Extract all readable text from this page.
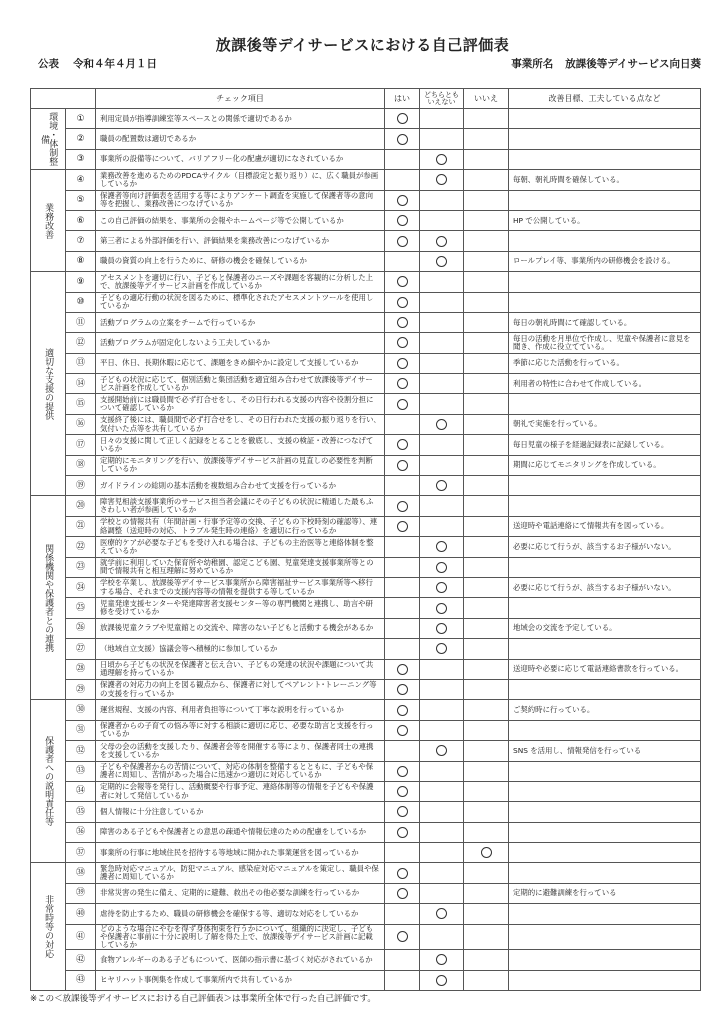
放課後等デイサービスにおける自己評価表
公表 令和４年４月１日	事業所名 放課後等デイサービス向日葵
		チェック項目	はい	どちらとも いえない	いいえ	改善目標、工夫している点など
環境・体制整備	①	利用定員が指導訓練室等スペースとの関係で適切であるか				
	②	職員の配置数は適切であるか				
	③	事業所の設備等について、バリアフリー化の配慮が適切になされているか				
業務改善	④	業務改善を進めるためのPDCAサイクル（目標設定と振り返り）に、広く職員が参画しているか				毎朝、朝礼時間を確保している。
	⑤	保護者等向け評価表を活用する等によりアンケート調査を実施して保護者等の意向等を把握し、業務改善につなげているか				
	⑥	この自己評価の結果を、事業所の会報やホームページ等で公開しているか				HP で公開している。
	⑦	第三者による外部評価を行い、評価結果を業務改善につなげているか				
	⑧	職員の資質の向上を行うために、研修の機会を確保しているか				ロールプレイ等、事業所内の研修機会を設ける。
適切な支援の提供	⑨	アセスメントを適切に行い、子どもと保護者のニーズや課題を客観的に分析した上で、放課後等デイサービス計画を作成しているか				
	⑩	子どもの適応行動の状況を図るために、標準化されたアセスメントツールを使用しているか				
	⑪	活動プログラムの立案をチームで行っているか				毎日の朝礼時間にて確認している。
	⑫	活動プログラムが固定化しないよう工夫しているか				毎日の活動を月単位で作成し、児童や保護者に意見を聞き、作成に役立てている。
	⑬	平日、休日、長期休暇に応じて、課題をきめ細やかに設定して支援しているか				季節に応じた活動を行っている。
	⑭	子どもの状況に応じて、個別活動と集団活動を適宜組み合わせて放課後等デイサービス計画を作成しているか				利用者の特性に合わせて作成している。
	⑮	支援開始前には職員間で必ず打合せをし、その日行われる支援の内容や役割分担について確認しているか				
	⑯	支援終了後には、職員間で必ず打合せをし、その日行われた支援の振り返りを行い､気付いた点等を共有しているか				朝礼で実施を行っている。
	⑰	日々の支援に関して正しく記録をとることを徹底し、支援の検証・改善につなげているか				毎日児童の様子を経過記録表に記録している。
	⑱	定期的にモニタリングを行い、放課後等デイサービス計画の見直しの必要性を判断しているか				期間に応じてモニタリングを作成している。
	⑲	ガイドラインの総則の基本活動を複数組み合わせて支援を行っているか				
関係機関や保護者との連携	⑳	障害児相談支援事業所のサービス担当者会議にその子どもの状況に精通した最もふさわしい者が参画しているか				
	㉑	学校との情報共有（年間計画・行事予定等の交換、子どもの下校時刻の確認等）、連絡調整（送迎時の対応、トラブル発生時の連絡）を適切に行っているか				送迎時や電話連絡にて情報共有を図っている。
	㉒	医療的ケアが必要な子どもを受け入れる場合は、子どもの主治医等と連絡体制を整えているか				必要に応じて行うが、該当するお子様がいない。
	㉓	就学前に利用していた保育所や幼稚園、認定こども園、児童発達支援事業所等との間で情報共有と相互理解に努めているか				
	㉔	学校を卒業し、放課後等デイサービス事業所から障害福祉サービス事業所等へ移行する場合、それまでの支援内容等の情報を提供する等しているか				必要に応じて行うが、該当するお子様がいない。
	㉕	児童発達支援センターや発達障害者支援センター等の専門機関と連携し、助言や研修を受けているか				
	㉖	放課後児童クラブや児童館との交流や、障害のない子どもと活動する機会があるか				地域会の交流を予定している。
	㉗	（地域自立支援）協議会等へ積極的に参加しているか				
	㉘	日頃から子どもの状況を保護者と伝え合い、子どもの発達の状況や課題について共通理解を持っているか				送迎時や必要に応じて電話連絡書款を行っている。
	㉙	保護者の対応力の向上を図る観点から、保護者に対してペアレント･トレーニング等の支援を行っているか				
保護者への説明責任等	㉚	運営規程、支援の内容、利用者負担等について丁寧な説明を行っているか				ご契約時に行っている。
	㉛	保護者からの子育ての悩み等に対する相談に適切に応じ、必要な助言と支援を行っているか				
	㉜	父母の会の活動を支援したり、保護者会等を開催する等により、保護者同士の連携を支援しているか				SNS を活用し、情報発信を行っている
	㉝	子どもや保護者からの苦情について、対応の体制を整備するとともに、子どもや保護者に周知し、苦情があった場合に迅速かつ適切に対応しているか				
	㉞	定期的に会報等を発行し、活動概要や行事予定、連絡体制等の情報を子どもや保護者に対して発信しているか				
	㉟	個人情報に十分注意しているか				
	㊱	障害のある子どもや保護者との意思の疎通や情報伝達のための配慮をしているか				
	㊲	事業所の行事に地域住民を招待する等地域に開かれた事業運営を図っているか				
非常時等の対応	㊳	緊急時対応マニュアル、防犯マニュアル、感染症対応マニュアルを策定し、職員や保護者に周知しているか				
	㊴	非常災害の発生に備え、定期的に避難、救出その他必要な訓練を行っているか				定期的に避難訓練を行っている
	㊵	虐待を防止するため、職員の研修機会を確保する等、適切な対応をしているか				
	㊶	どのような場合にやむを得ず身体拘束を行うかについて、組織的に決定し、子どもや保護者に事前に十分に説明し了解を得た上で、放課後等デイサービス計画に記載しているか				
	㊷	食物アレルギーのある子どもについて、医師の指示書に基づく対応がされているか				
	㊸	ヒヤリハット事例集を作成して事業所内で共有しているか				
※この＜放課後等デイサービスにおける自己評価表＞は事業所全体で行った自己評価です。
